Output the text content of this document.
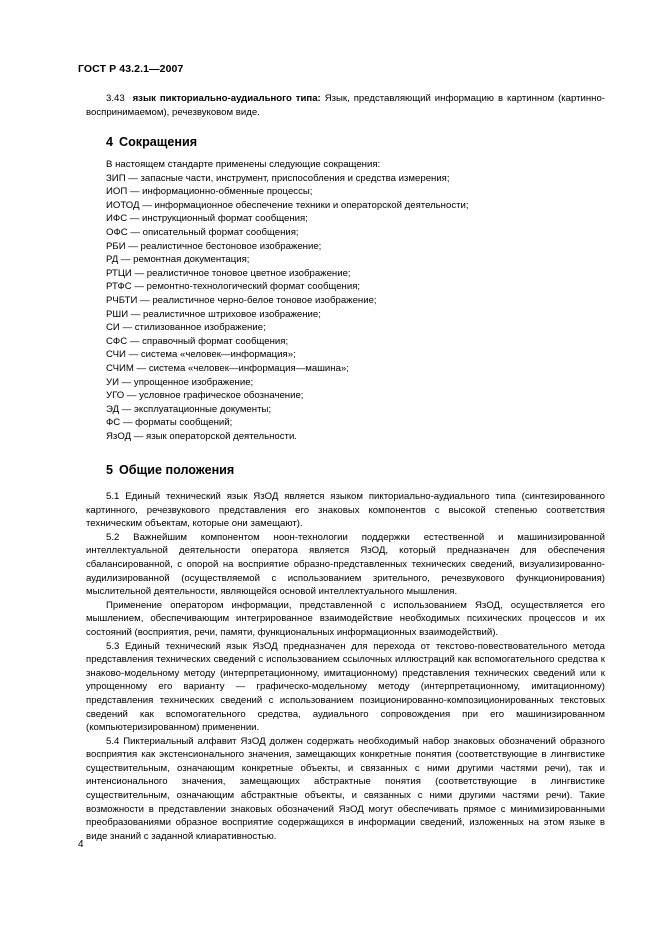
ГОСТ Р 43.2.1—2007

3.43 язык пикториально-аудиального типа: Язык, представляющий информацию в картинном (картинно-воспринимаемом), речезвуковом виде.

4 Сокращения
В настоящем стандарте применены следующие сокращения:
ЗИП — запасные части, инструмент, приспособления и средства измерения;
ИОП — информационно-обменные процессы;
ИОТОД — информационное обеспечение техники и операторской деятельности;
ИФС — инструкционный формат сообщения;
ОФС — описательный формат сообщения;
РБИ — реалистичное бестоновое изображение;
РД — ремонтная документация;
РТЦИ — реалистичное тоновое цветное изображение;
РТФС — ремонтно-технологический формат сообщения;
РЧБТИ — реалистичное черно-белое тоновое изображение;
РШИ — реалистичное штриховое изображение;
СИ — стилизованное изображение;
СФС — справочный формат сообщения;
СЧИ — система «человек—информация»;
СЧИМ — система «человек—информация—машина»;
УИ — упрощенное изображение;
УГО — условное графическое обозначение;
ЭД — эксплуатационные документы;
ФС — форматы сообщений;
ЯзОД — язык операторской деятельности.
5 Общие положения

5.1 Единый технический язык ЯзОД является языком пикториально-аудиального типа (синтезированного картинного, речезвукового представления его знаковых компонентов с высокой степенью соответствия техническим объектам, которые они замещают).

5.2 Важнейшим компонентом ноон-технологии поддержки естественной и машинизированной интеллектуальной деятельности оператора является ЯзОД, который предназначен для обеспечения сбалансированной, с опорой на восприятие образно-представленных технических сведений, визуализированно-аудилизированной (осуществляемой с использованием зрительного, речезвукового функционирования) мыслительной деятельности, являющейся основой интеллектуального мышления.

Применение оператором информации, представленной с использованием ЯзОД, осуществляется его мышлением, обеспечивающим интегрированное взаимодействие необходимых психических процессов и их состояний (восприятия, речи, памяти, функциональных информационных взаимодействий).

5.3 Единый технический язык ЯзОД предназначен для перехода от текстово-повествовательного метода представления технических сведений с использованием ссылочных иллюстраций как вспомогательного средства к знаково-модельному методу (интерпретационному, имитационному) представления технических сведений или к упрощенному его варианту — графическо-модельному методу (интерпретационному, имитационному) представления технических сведений с использованием позиционированно-композиционированных текстовых сведений как вспомогательного средства, аудиального сопровождения при его машинизированном (компьютеризированном) применении.

5.4 Пиктериальный алфавит ЯзОД должен содержать необходимый набор знаковых обозначений образного восприятия как экстенсионального значения, замещающих конкретные понятия (соответствующие в лингвистике существительным, означающим конкретные объекты, и связанных с ними другими частями речи), так и интенсионального значения, замещающих абстрактные понятия (соответствующие в лингвистике существительным, означающим абстрактные объекты, и связанных с ними другими частями речи). Такие возможности в представлении знаковых обозначений ЯзОД могут обеспечивать прямое с минимизированными преобразованиями образное восприятие содержащихся в информации сведений, изложенных на этом языке в виде знаний с заданной клиаративностью.

4
